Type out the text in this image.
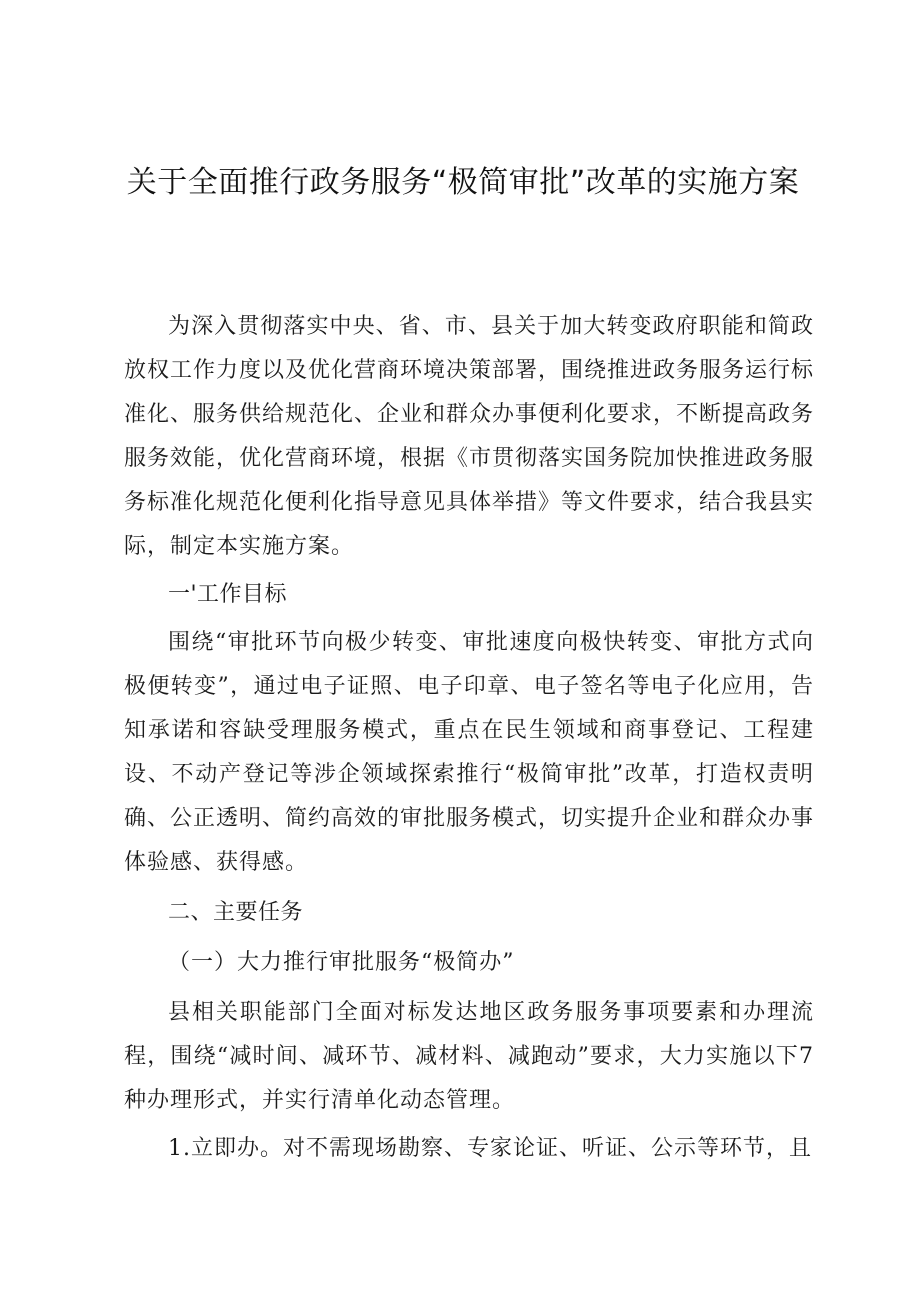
关于全面推行政务服务“极简审批”改革的实施方案

为深入贯彻落实中央、省、市、县关于加大转变政府职能和简政放权工作力度以及优化营商环境决策部署，围绕推进政务服务运行标准化、服务供给规范化、企业和群众办事便利化要求，不断提高政务服务效能，优化营商环境，根据《市贯彻落实国务院加快推进政务服务标准化规范化便利化指导意见具体举措》等文件要求，结合我县实际，制定本实施方案。

一'工作目标

围绕“审批环节向极少转变、审批速度向极快转变、审批方式向极便转变”，通过电子证照、电子印章、电子签名等电子化应用，告知承诺和容缺受理服务模式，重点在民生领域和商事登记、工程建设、不动产登记等涉企领域探索推行“极简审批”改革，打造权责明确、公正透明、简约高效的审批服务模式，切实提升企业和群众办事体验感、获得感。

二、主要任务

（一）大力推行审批服务“极简办”

县相关职能部门全面对标发达地区政务服务事项要素和办理流程，围绕“减时间、减环节、减材料、减跑动”要求，大力实施以下7种办理形式，并实行清单化动态管理。

1.立即办。对不需现场勘察、专家论证、听证、公示等环节，且
